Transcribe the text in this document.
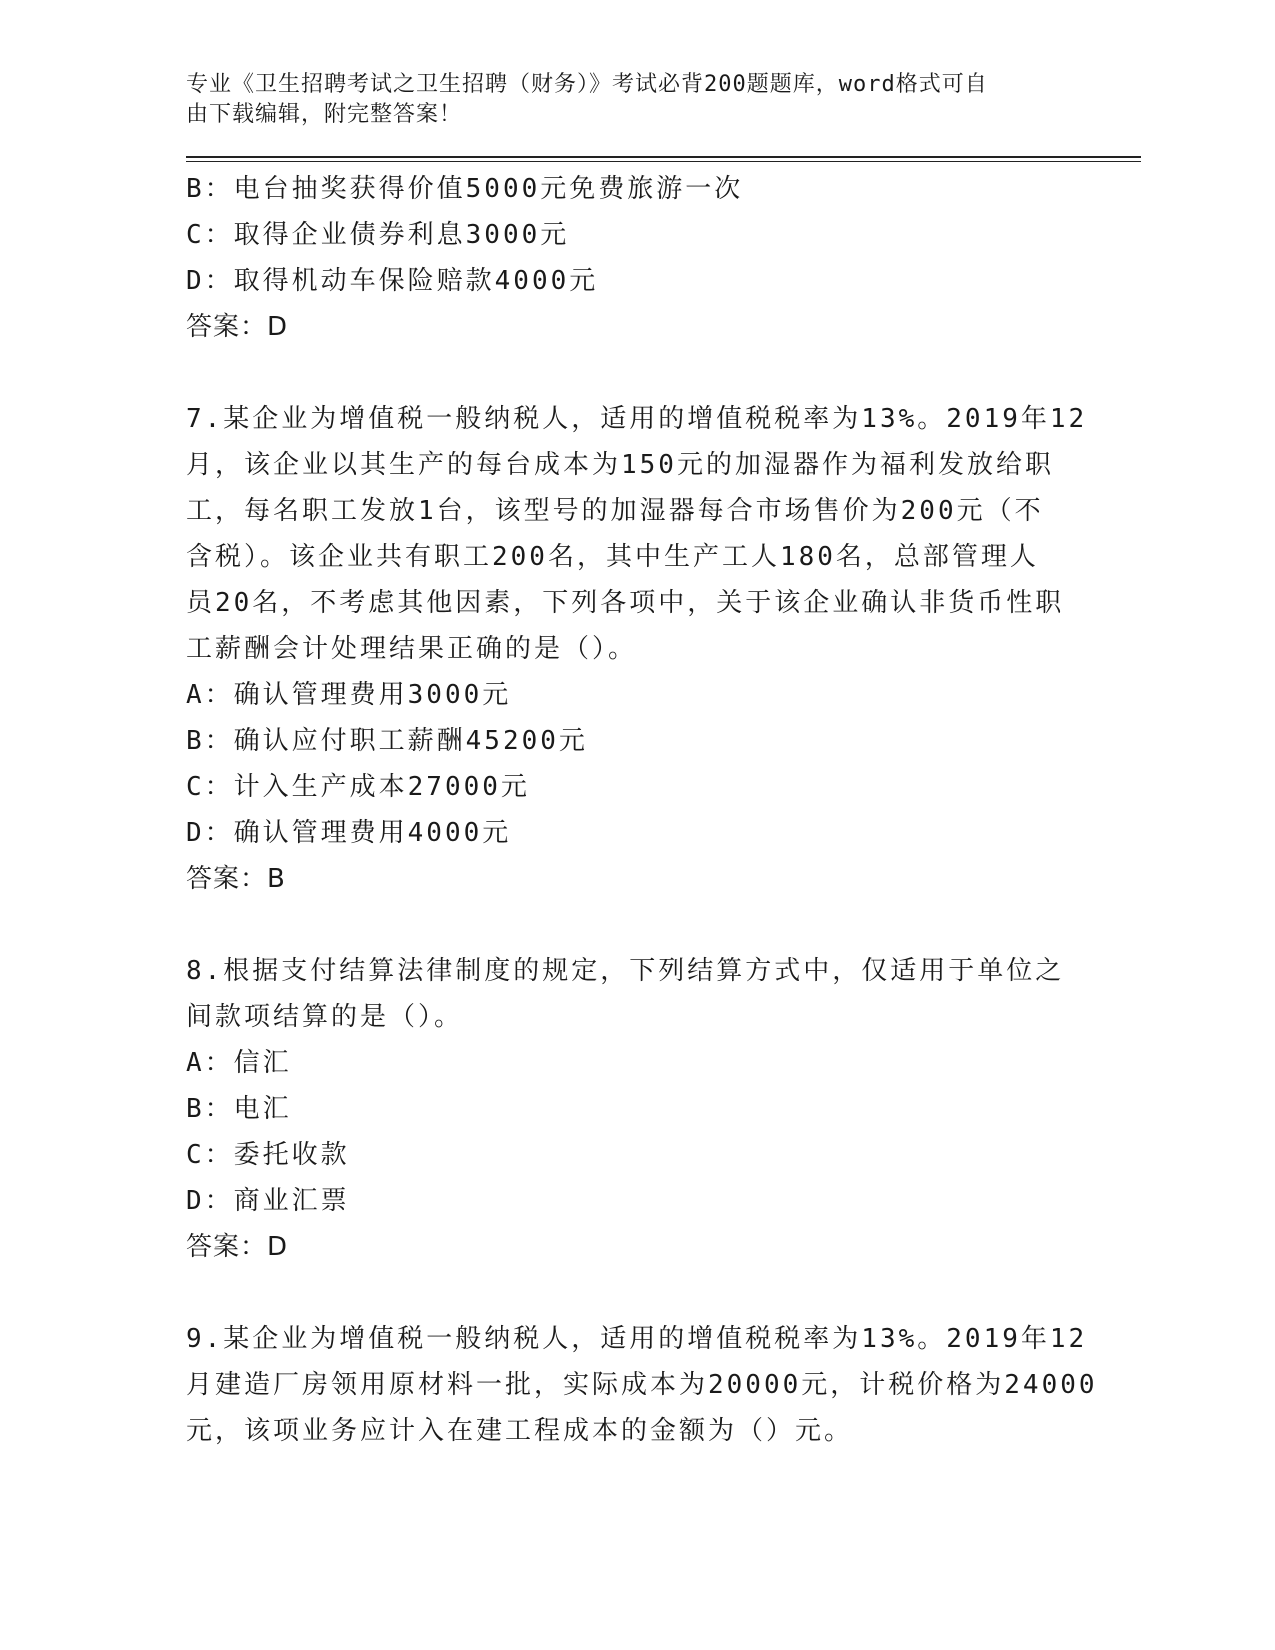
专业《卫生招聘考试之卫生招聘（财务）》考试必背200题题库，word格式可自
由下载编辑，附完整答案！

B：电台抽奖获得价值5000元免费旅游一次

C：取得企业债券利息3000元

D：取得机动车保险赔款4000元

答案：D

7.某企业为增值税一般纳税人，适用的增值税税率为13%。2019年12

月，该企业以其生产的每台成本为150元的加湿器作为福利发放给职

工，每名职工发放1台，该型号的加湿器每合市场售价为200元（不

含税）。该企业共有职工200名，其中生产工人180名，总部管理人

员20名，不考虑其他因素，下列各项中，关于该企业确认非货币性职

工薪酬会计处理结果正确的是（）。

A：确认管理费用3000元

B：确认应付职工薪酬45200元

C：计入生产成本27000元

D：确认管理费用4000元

答案：B

8.根据支付结算法律制度的规定，下列结算方式中，仅适用于单位之

间款项结算的是（）。

A：信汇

B：电汇

C：委托收款

D：商业汇票

答案：D

9.某企业为增值税一般纳税人，适用的增值税税率为13%。2019年12

月建造厂房领用原材料一批，实际成本为20000元，计税价格为24000

元，该项业务应计入在建工程成本的金额为（）元。
